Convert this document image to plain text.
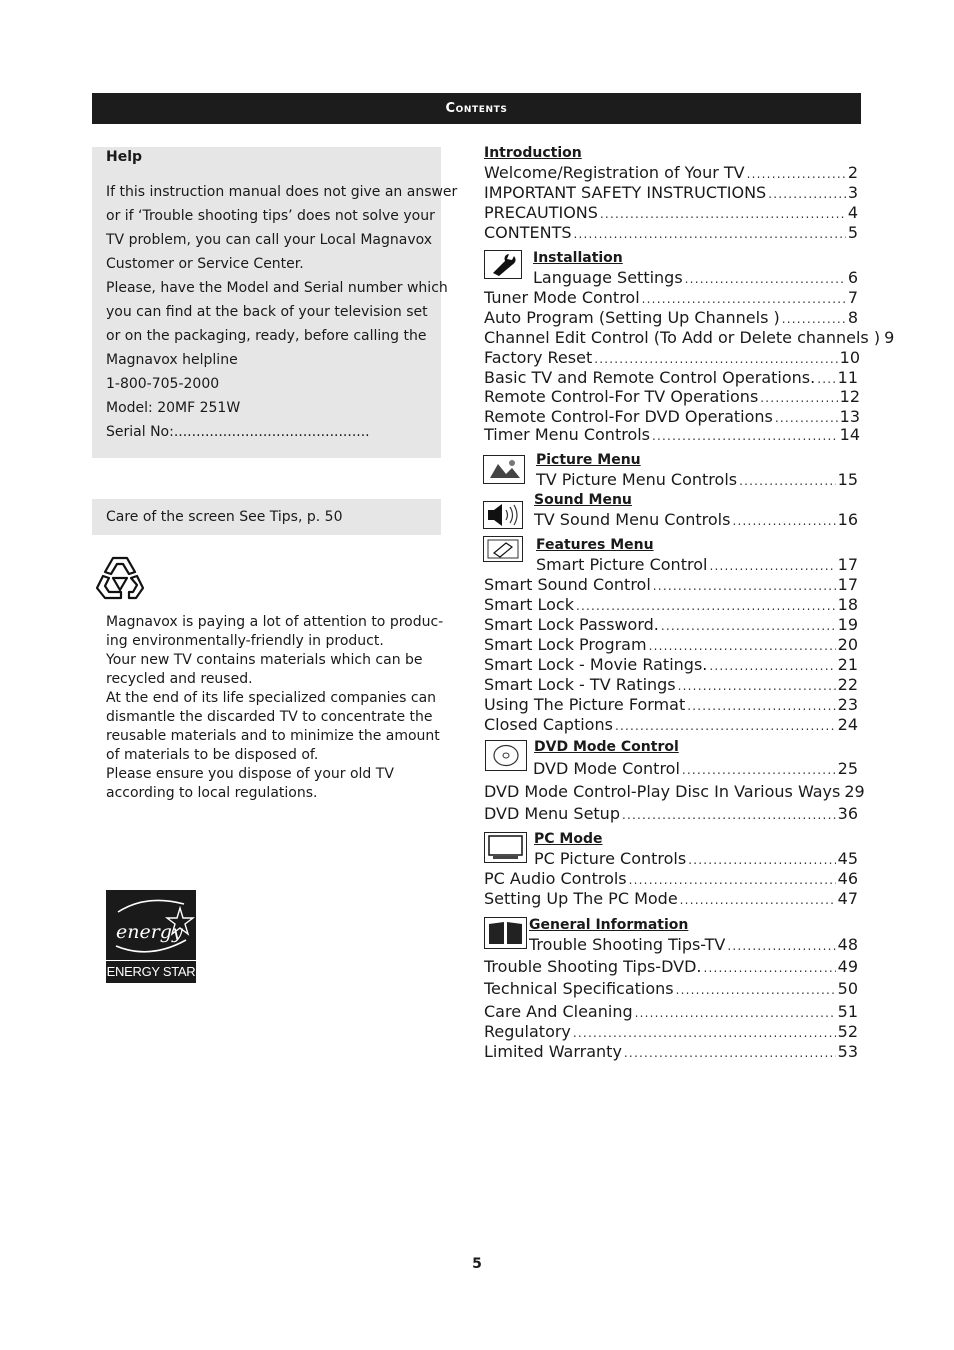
Contents
Help
If this instruction manual does not give an answer
or if ‘Trouble shooting tips’ does not solve your
TV problem, you can call your Local Magnavox
Customer or Service Center.
Please, have the Model and Serial number which
you can find at the back of your television set
or on the packaging, ready, before calling the
Magnavox helpline
1-800-705-2000
Model: 20MF 251W
Serial No:............................................
Care of the screen See Tips, p. 50
Magnavox is paying a lot of attention to produc-
ing environmentally-friendly in product.
Your new TV contains materials which can be
recycled and reused.
At the end of its life specialized companies can
dismantle the discarded TV to concentrate the
reusable materials and to minimize the amount
of materials to be disposed of.
Please ensure you dispose of your old TV
according to local regulations.
energy
ENERGY STAR
Introduction
Installation
Picture Menu
Sound Menu
Features Menu
DVD Mode Control
PC Mode
General Information
Welcome/Registration of Your TV .....	2
IMPORTANT SAFETY INSTRUCTIONS .....	3
PRECAUTIONS .....	4
CONTENTS .....	5
Language Settings .....	6
Tuner Mode Control .....	7
Auto Program (Setting Up Channels ) .....	8
Channel Edit Control (To Add or Delete channels ) 9
Factory Reset .....	10
Basic TV and Remote Control Operations. ..... 11
Remote Control-For TV Operations .....	12
Remote Control-For DVD Operations .....	13
Timer Menu Controls .....	14
TV Picture Menu Controls .....	15
TV Sound Menu Controls .....	16
Smart Picture Control .....	17
Smart Sound Control .....	17
Smart Lock .....	18
Smart Lock Password. .....	19
Smart Lock Program .....	20
Smart Lock - Movie Ratings. .....	21
Smart Lock - TV Ratings .....	22
Using The Picture Format .....	23
Closed Captions .....	24
DVD Mode Control .....	25
DVD Mode Control-Play Disc In Various Ways 29
DVD Menu Setup .....	36
PC Picture Controls .....	45
PC Audio Controls .....	46
Setting Up The PC Mode .....	47
Trouble Shooting Tips-TV .....	48
Trouble Shooting Tips-DVD. .....	49
Technical Specifications .....	50
Care And Cleaning .....	51
Regulatory .....	52
Limited Warranty .....	53
5
